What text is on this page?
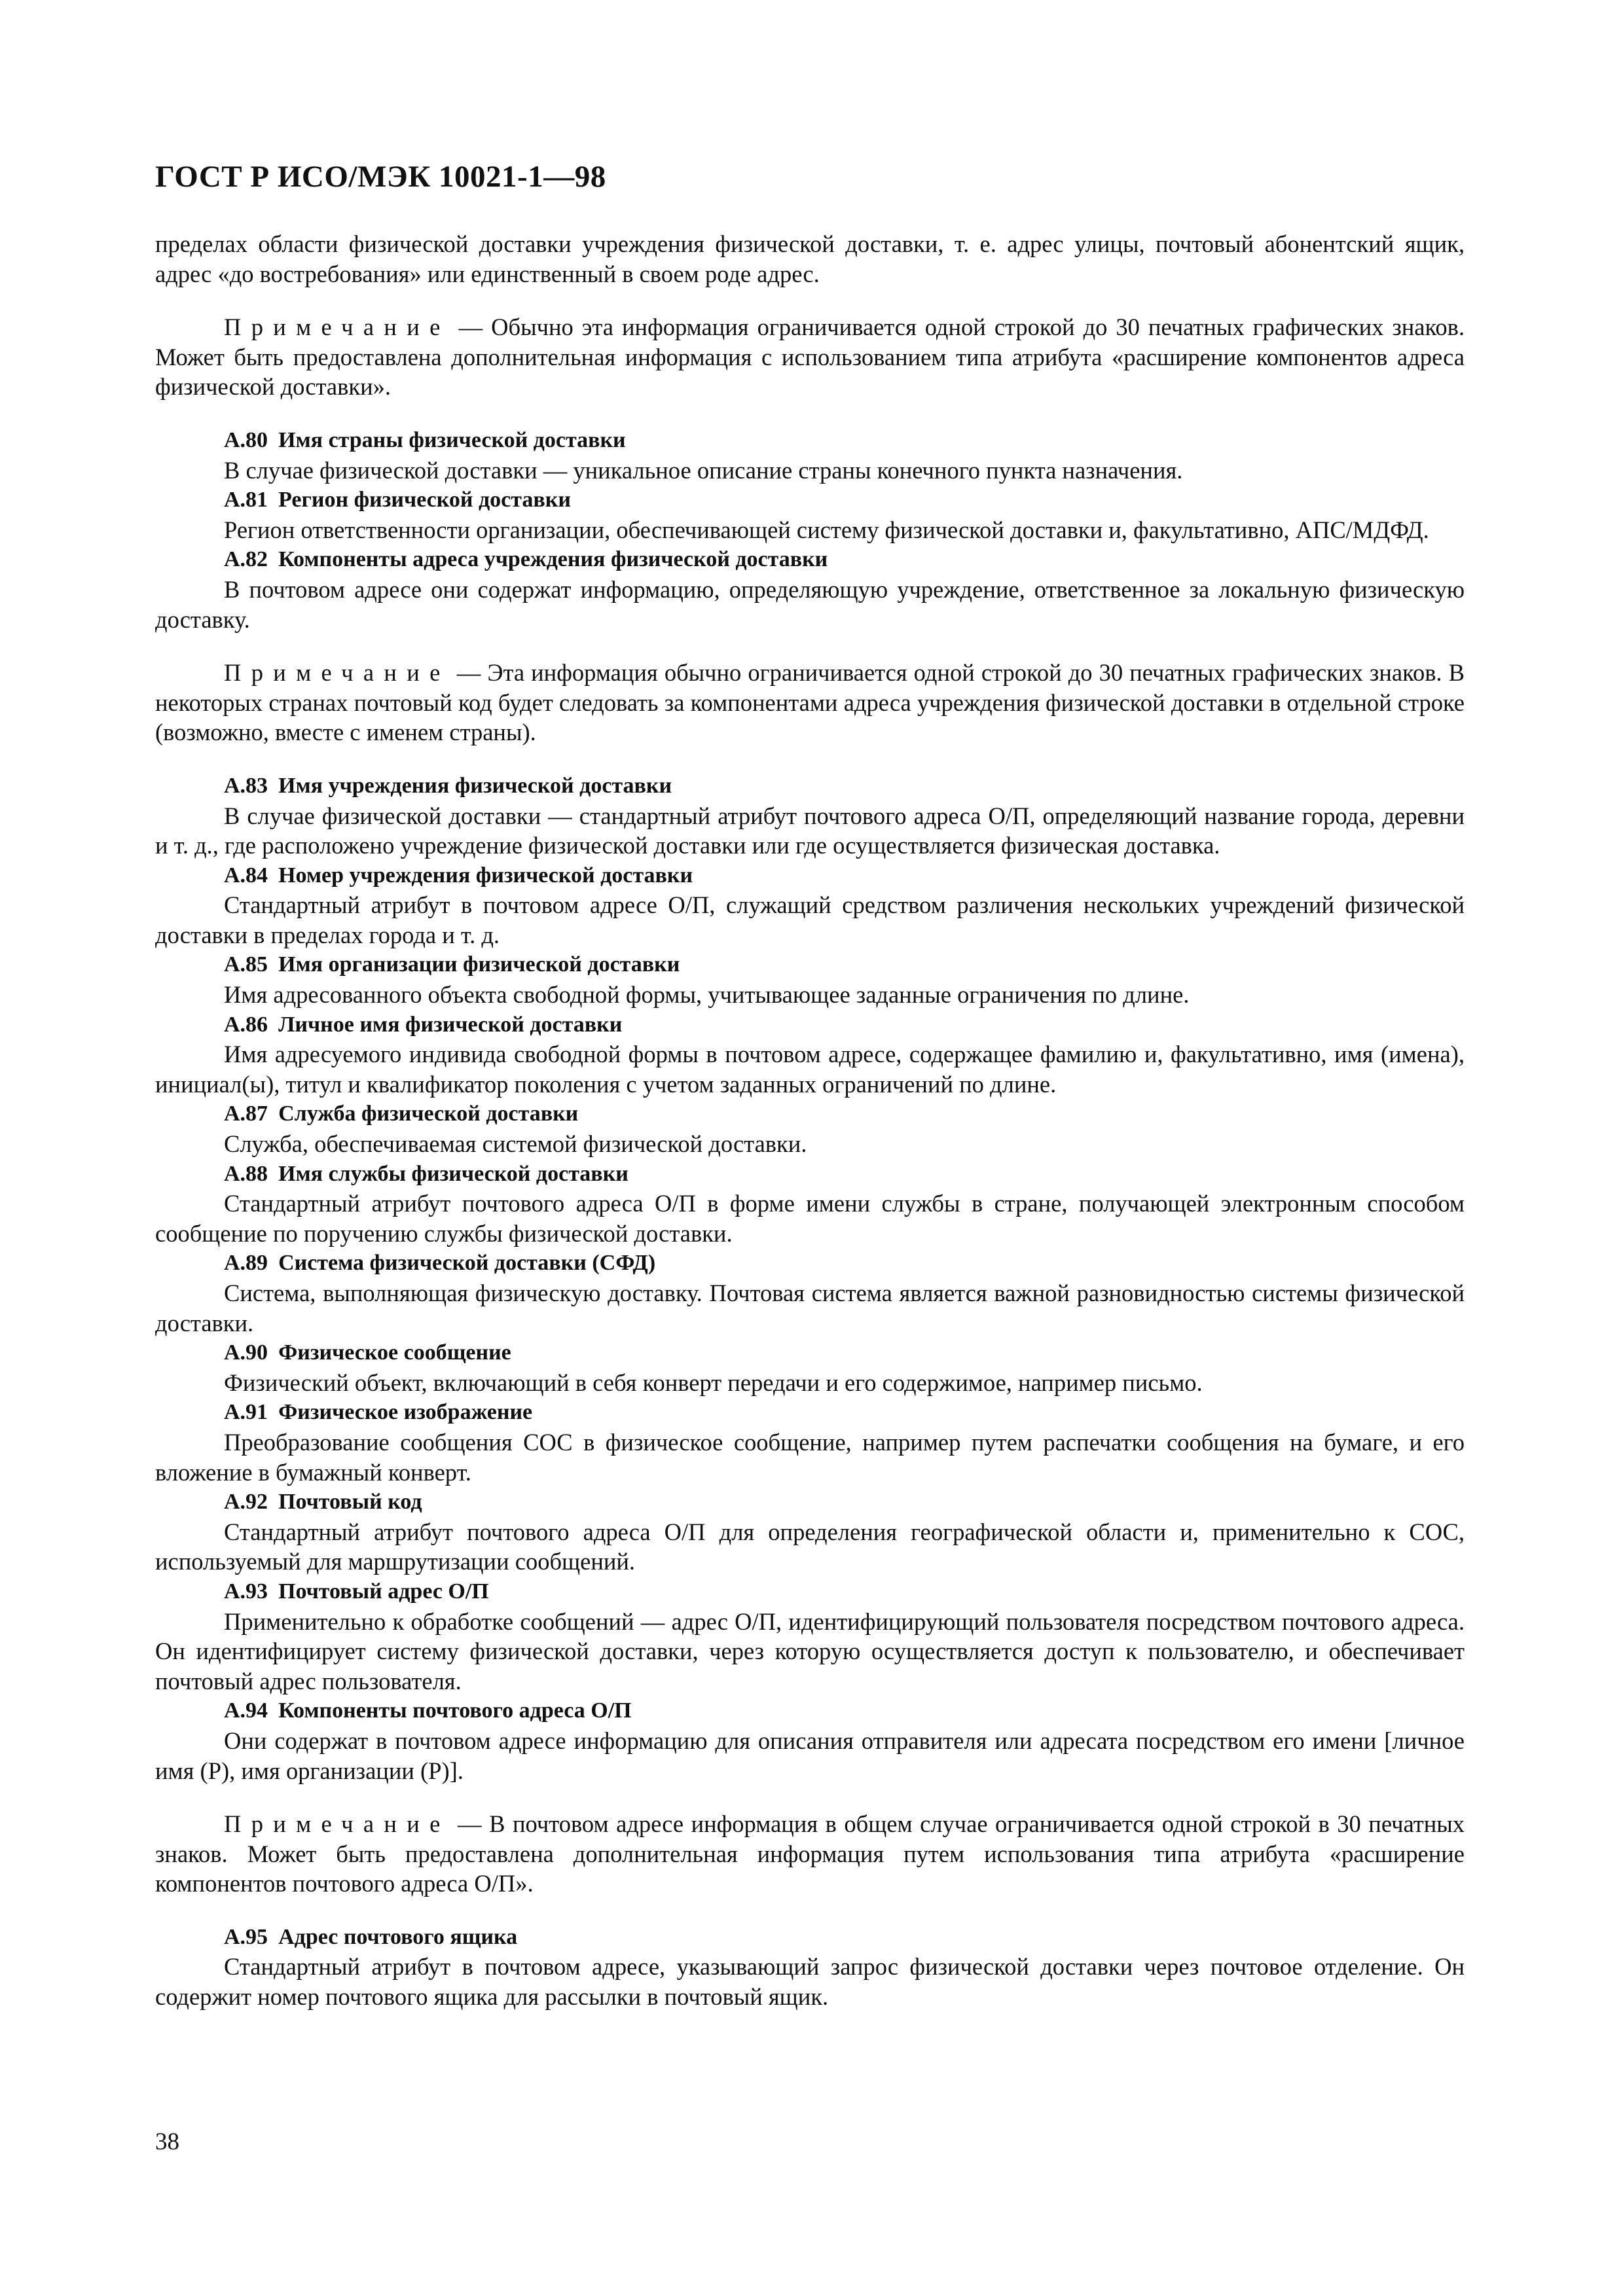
ГОСТ Р ИСО/МЭК 10021-1—98

пределах области физической доставки учреждения физической доставки, т. е. адрес улицы, почтовый абонентский ящик, адрес «до востребования» или единственный в своем роде адрес.

Примечание — Обычно эта информация ограничивается одной строкой до 30 печатных графических знаков. Может быть предоставлена дополнительная информация с использованием типа атрибута «расширение компонентов адреса физической доставки».

А.80 Имя страны физической доставки

В случае физической доставки — уникальное описание страны конечного пункта назначения.

А.81 Регион физической доставки

Регион ответственности организации, обеспечивающей систему физической доставки и, факультативно, АПС/МДФД.

А.82 Компоненты адреса учреждения физической доставки

В почтовом адресе они содержат информацию, определяющую учреждение, ответственное за локальную физическую доставку.

Примечание — Эта информация обычно ограничивается одной строкой до 30 печатных графических знаков. В некоторых странах почтовый код будет следовать за компонентами адреса учреждения физической доставки в отдельной строке (возможно, вместе с именем страны).

А.83 Имя учреждения физической доставки

В случае физической доставки — стандартный атрибут почтового адреса О/П, определяющий название города, деревни и т. д., где расположено учреждение физической доставки или где осуществляется физическая доставка.

А.84 Номер учреждения физической доставки

Стандартный атрибут в почтовом адресе О/П, служащий средством различения нескольких учреждений физической доставки в пределах города и т. д.

А.85 Имя организации физической доставки

Имя адресованного объекта свободной формы, учитывающее заданные ограничения по длине.

А.86 Личное имя физической доставки

Имя адресуемого индивида свободной формы в почтовом адресе, содержащее фамилию и, факультативно, имя (имена), инициал(ы), титул и квалификатор поколения с учетом заданных ограничений по длине.

А.87 Служба физической доставки

Служба, обеспечиваемая системой физической доставки.

А.88 Имя службы физической доставки

Стандартный атрибут почтового адреса О/П в форме имени службы в стране, получающей электронным способом сообщение по поручению службы физической доставки.

А.89 Система физической доставки (СФД)

Система, выполняющая физическую доставку. Почтовая система является важной разновидностью системы физической доставки.

А.90 Физическое сообщение

Физический объект, включающий в себя конверт передачи и его содержимое, например письмо.

А.91 Физическое изображение

Преобразование сообщения СОС в физическое сообщение, например путем распечатки сообщения на бумаге, и его вложение в бумажный конверт.

А.92 Почтовый код

Стандартный атрибут почтового адреса О/П для определения географической области и, применительно к СОС, используемый для маршрутизации сообщений.

А.93 Почтовый адрес О/П

Применительно к обработке сообщений — адрес О/П, идентифицирующий пользователя посредством почтового адреса. Он идентифицирует систему физической доставки, через которую осуществляется доступ к пользователю, и обеспечивает почтовый адрес пользователя.

А.94 Компоненты почтового адреса О/П

Они содержат в почтовом адресе информацию для описания отправителя или адресата посредством его имени [личное имя (Р), имя организации (Р)].

Примечание — В почтовом адресе информация в общем случае ограничивается одной строкой в 30 печатных знаков. Может быть предоставлена дополнительная информация путем использования типа атрибута «расширение компонентов почтового адреса О/П».

А.95 Адрес почтового ящика

Стандартный атрибут в почтовом адресе, указывающий запрос физической доставки через почтовое отделение. Он содержит номер почтового ящика для рассылки в почтовый ящик.

38
